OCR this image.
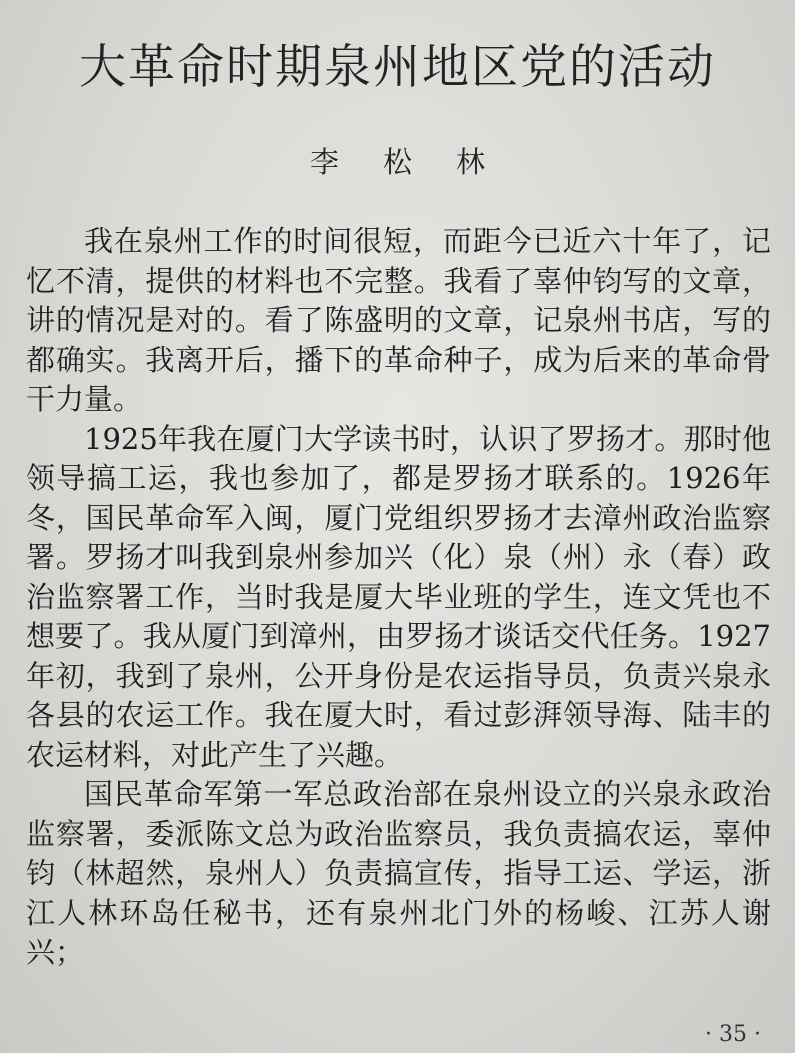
大革命时期泉州地区党的活动
李松林

我在泉州工作的时间很短，而距今已近六十年了，记忆不清，提供的材料也不完整。我看了辜仲钧写的文章，讲的情况是对的。看了陈盛明的文章，记泉州书店，写的都确实。我离开后，播下的革命种子，成为后来的革命骨干力量。

1925年我在厦门大学读书时，认识了罗扬才。那时他领导搞工运，我也参加了，都是罗扬才联系的。1926年冬，国民革命军入闽，厦门党组织罗扬才去漳州政治监察署。罗扬才叫我到泉州参加兴（化）泉（州）永（春）政治监察署工作，当时我是厦大毕业班的学生，连文凭也不想要了。我从厦门到漳州，由罗扬才谈话交代任务。1927年初，我到了泉州，公开身份是农运指导员，负责兴泉永各县的农运工作。我在厦大时，看过彭湃领导海、陆丰的农运材料，对此产生了兴趣。

国民革命军第一军总政治部在泉州设立的兴泉永政治监察署，委派陈文总为政治监察员，我负责搞农运，辜仲钧（林超然，泉州人）负责搞宣传，指导工运、学运，浙江人林环岛任秘书，还有泉州北门外的杨峻、江苏人谢兴；

· 35 ·
